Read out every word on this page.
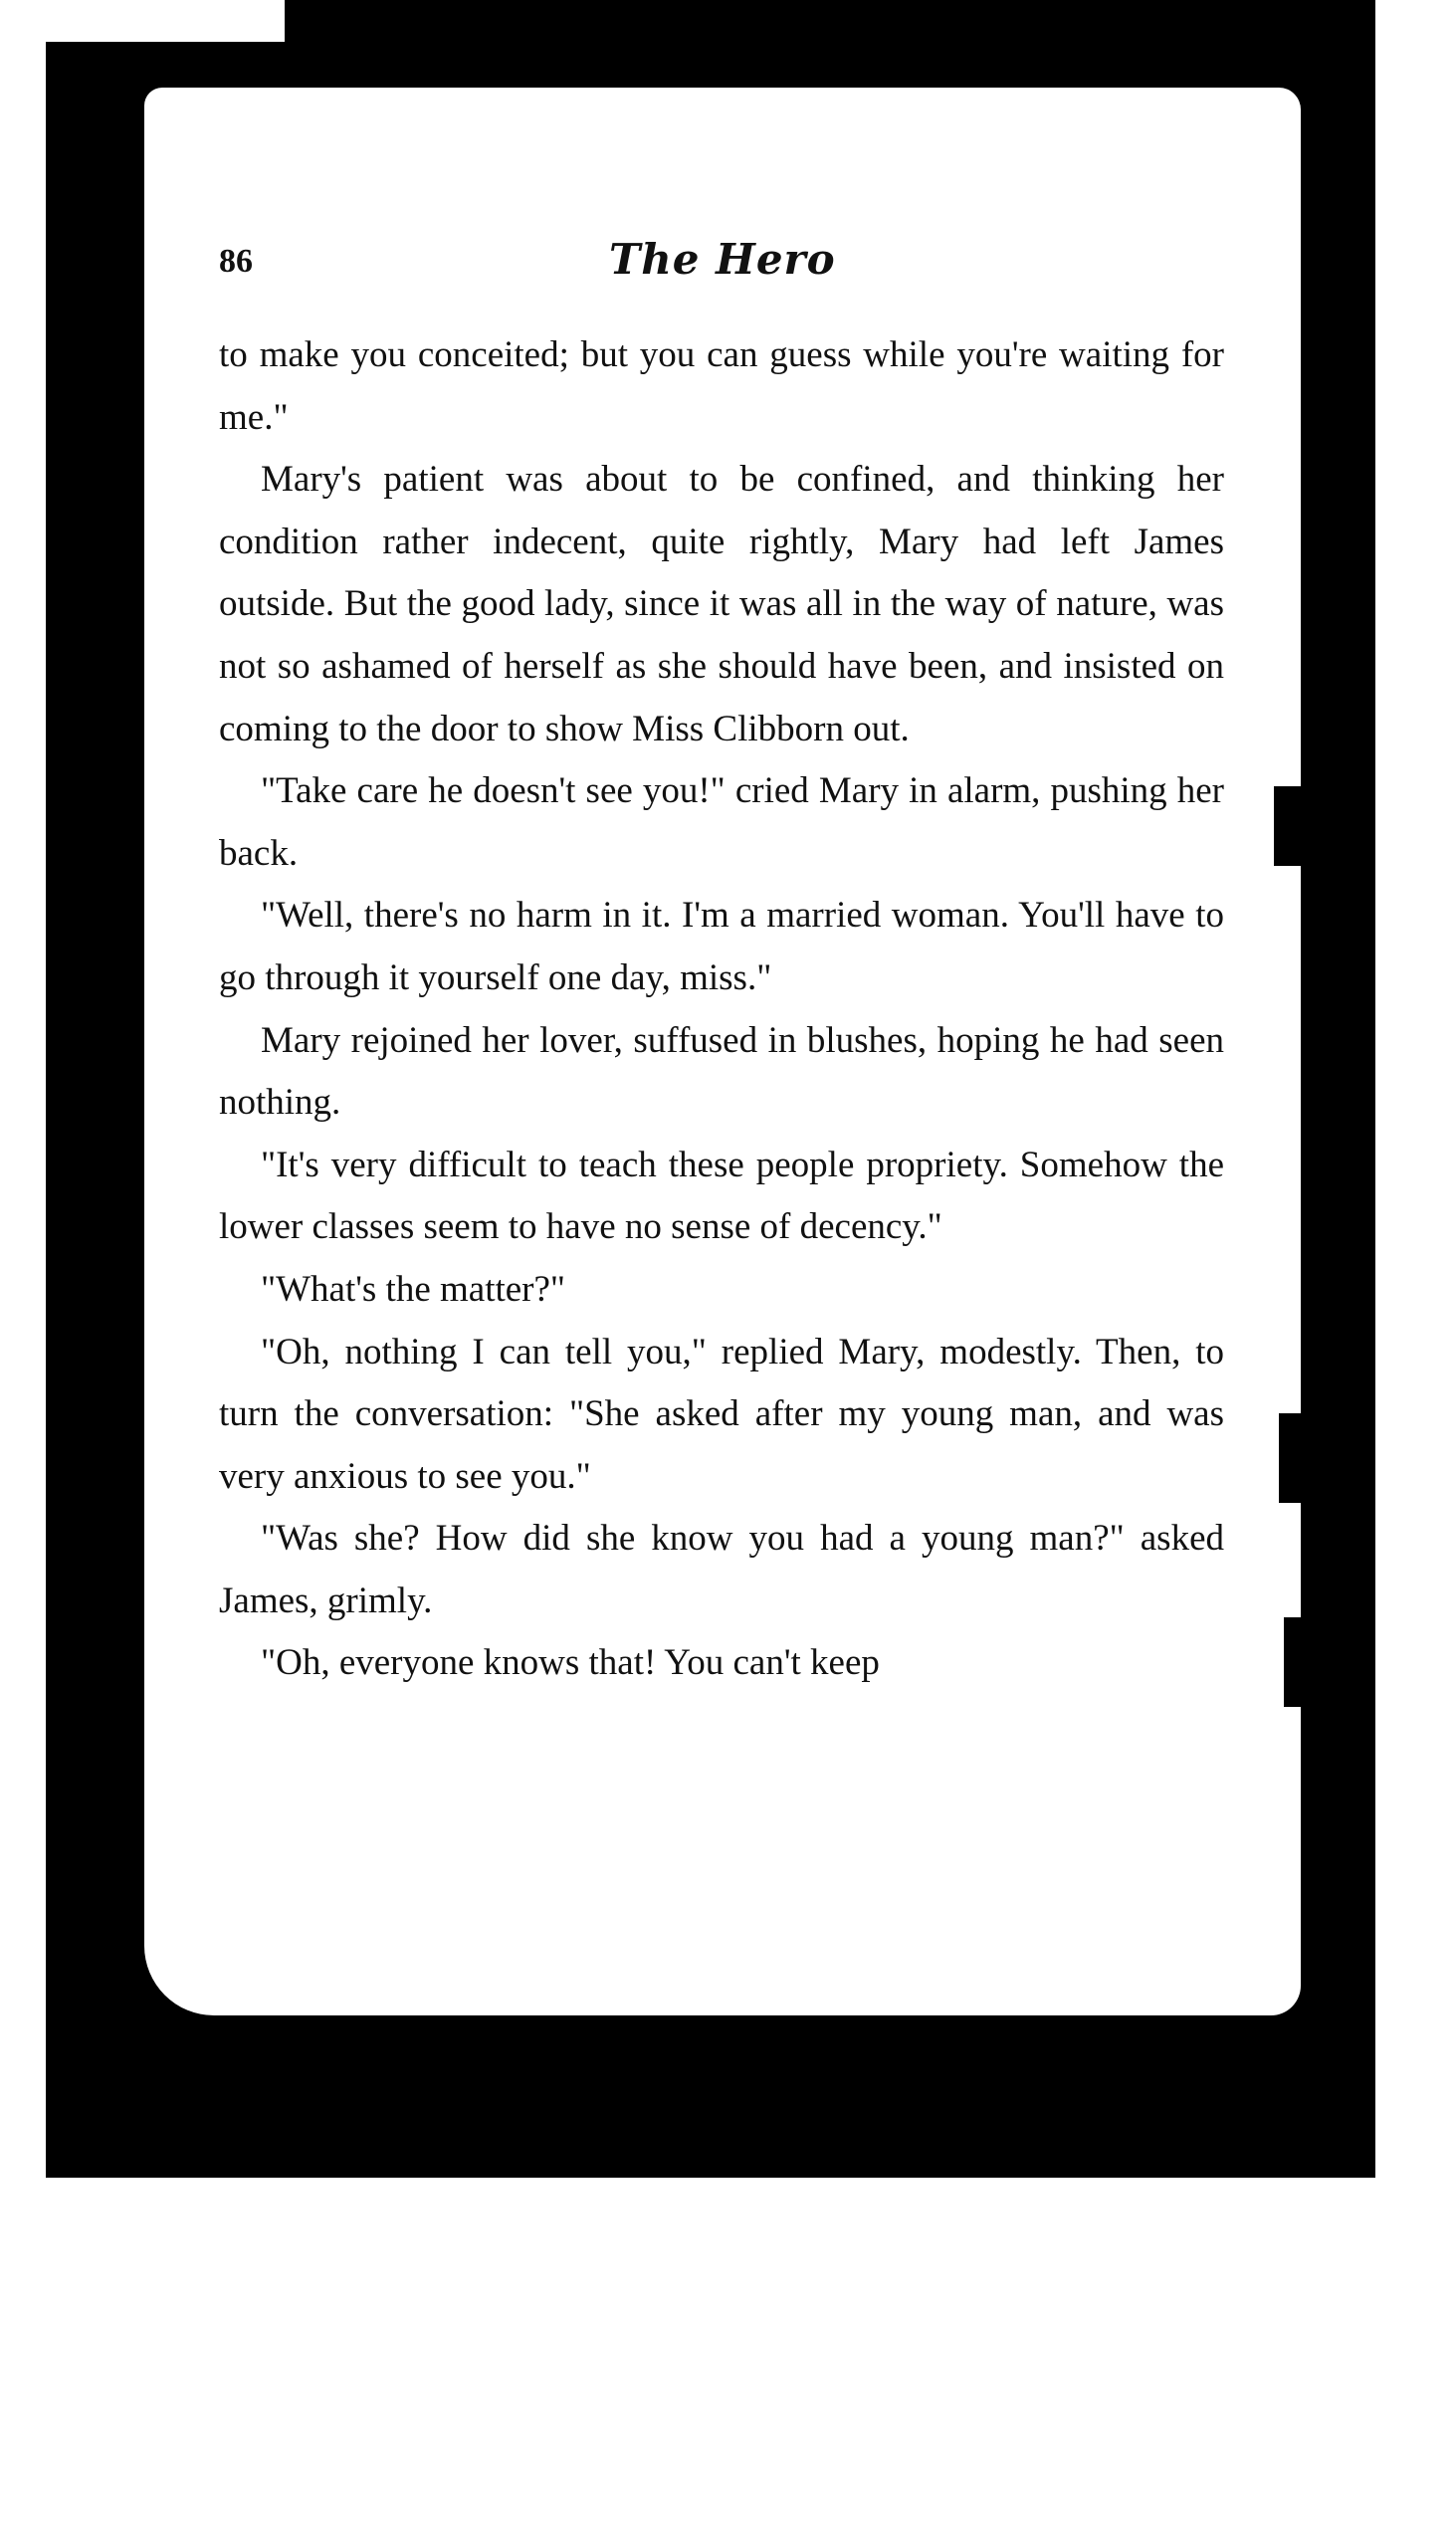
86	The Hero

to make you conceited; but you can guess while you're waiting for me."

Mary's patient was about to be confined, and thinking her condition rather indecent, quite rightly, Mary had left James outside. But the good lady, since it was all in the way of nature, was not so ashamed of herself as she should have been, and insisted on coming to the door to show Miss Clibborn out.

"Take care he doesn't see you!" cried Mary in alarm, pushing her back.

"Well, there's no harm in it. I'm a married woman. You'll have to go through it yourself one day, miss."

Mary rejoined her lover, suffused in blushes, hoping he had seen nothing.

"It's very difficult to teach these people propriety. Somehow the lower classes seem to have no sense of decency."

"What's the matter?"

"Oh, nothing I can tell you," replied Mary, modestly. Then, to turn the conversation: "She asked after my young man, and was very anxious to see you."

"Was she? How did she know you had a young man?" asked James, grimly.

"Oh, everyone knows that! You can't keep
